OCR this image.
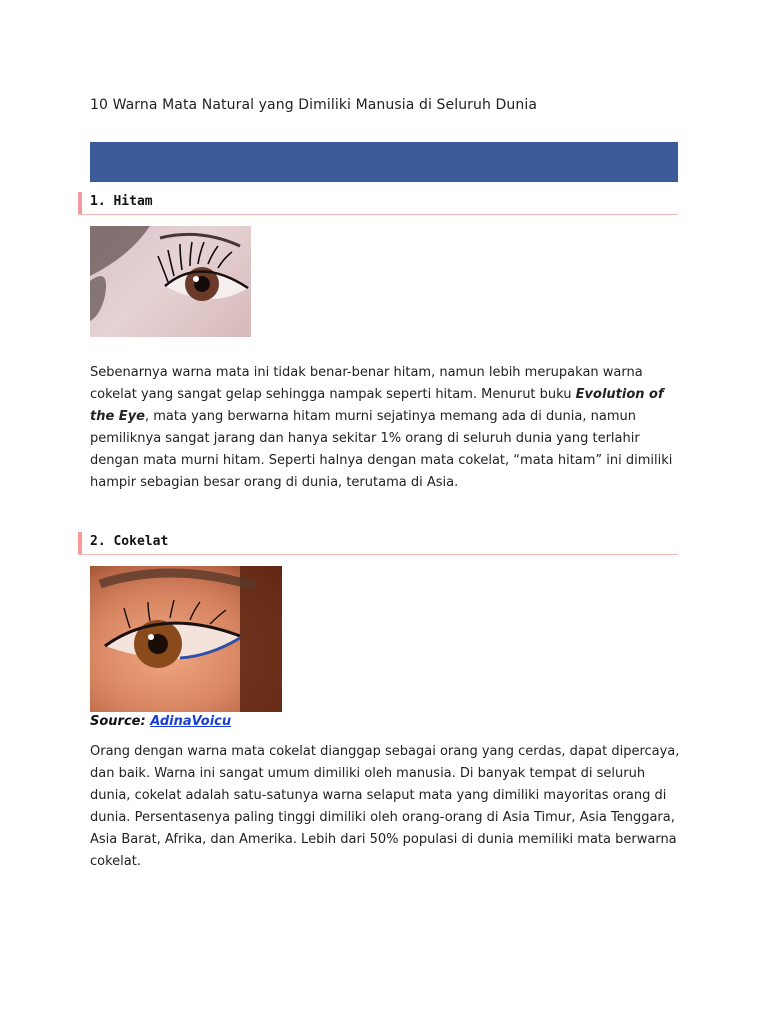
10 Warna Mata Natural yang Dimiliki Manusia di Seluruh Dunia
1. Hitam
Sebenarnya warna mata ini tidak benar-benar hitam, namun lebih merupakan warna cokelat yang sangat gelap sehingga nampak seperti hitam. Menurut buku Evolution of the Eye, mata yang berwarna hitam murni sejatinya memang ada di dunia, namun pemiliknya sangat jarang dan hanya sekitar 1% orang di seluruh dunia yang terlahir dengan mata murni hitam. Seperti halnya dengan mata cokelat, “mata hitam” ini dimiliki hampir sebagian besar orang di dunia, terutama di Asia.
2. Cokelat
Source: AdinaVoicu
Orang dengan warna mata cokelat dianggap sebagai orang yang cerdas, dapat dipercaya, dan baik. Warna ini sangat umum dimiliki oleh manusia. Di banyak tempat di seluruh dunia, cokelat adalah satu-satunya warna selaput mata yang dimiliki mayoritas orang di dunia. Persentasenya paling tinggi dimiliki oleh orang-orang di Asia Timur, Asia Tenggara, Asia Barat, Afrika, dan Amerika. Lebih dari 50% populasi di dunia memiliki mata berwarna cokelat.
